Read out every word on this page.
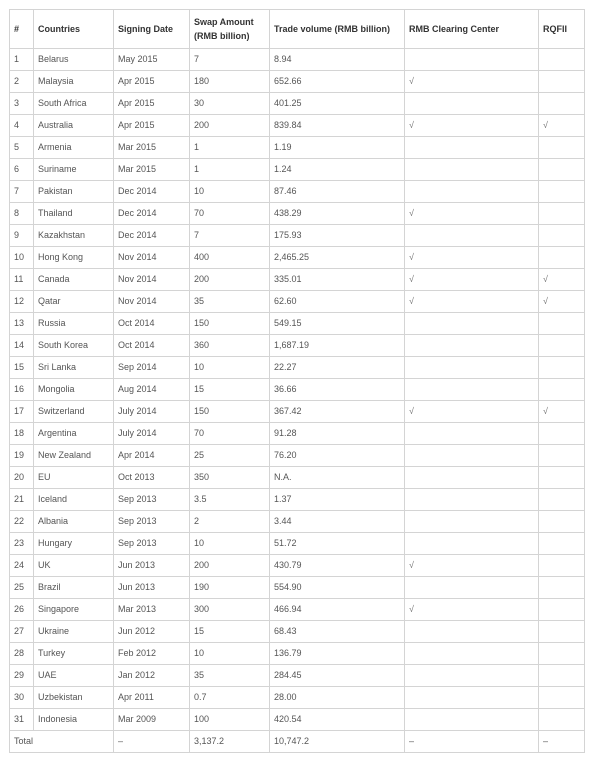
#	Countries	Signing Date	Swap Amount (RMB billion)	Trade volume (RMB billion)	RMB Clearing Center	RQFII
1	Belarus	May 2015	7	8.94		
2	Malaysia	Apr 2015	180	652.66	√	
3	South Africa	Apr 2015	30	401.25		
4	Australia	Apr 2015	200	839.84	√	√
5	Armenia	Mar 2015	1	1.19		
6	Suriname	Mar 2015	1	1.24		
7	Pakistan	Dec 2014	10	87.46		
8	Thailand	Dec 2014	70	438.29	√	
9	Kazakhstan	Dec 2014	7	175.93		
10	Hong Kong	Nov 2014	400	2,465.25	√	
11	Canada	Nov 2014	200	335.01	√	√
12	Qatar	Nov 2014	35	62.60	√	√
13	Russia	Oct 2014	150	549.15		
14	South Korea	Oct 2014	360	1,687.19		
15	Sri Lanka	Sep 2014	10	22.27		
16	Mongolia	Aug 2014	15	36.66		
17	Switzerland	July 2014	150	367.42	√	√
18	Argentina	July 2014	70	91.28		
19	New Zealand	Apr 2014	25	76.20		
20	EU	Oct 2013	350	N.A.		
21	Iceland	Sep 2013	3.5	1.37		
22	Albania	Sep 2013	2	3.44		
23	Hungary	Sep 2013	10	51.72		
24	UK	Jun 2013	200	430.79	√	
25	Brazil	Jun 2013	190	554.90		
26	Singapore	Mar 2013	300	466.94	√	
27	Ukraine	Jun 2012	15	68.43		
28	Turkey	Feb 2012	10	136.79		
29	UAE	Jan 2012	35	284.45		
30	Uzbekistan	Apr 2011	0.7	28.00		
31	Indonesia	Mar 2009	100	420.54		
Total		–	3,137.2	10,747.2	–	–
